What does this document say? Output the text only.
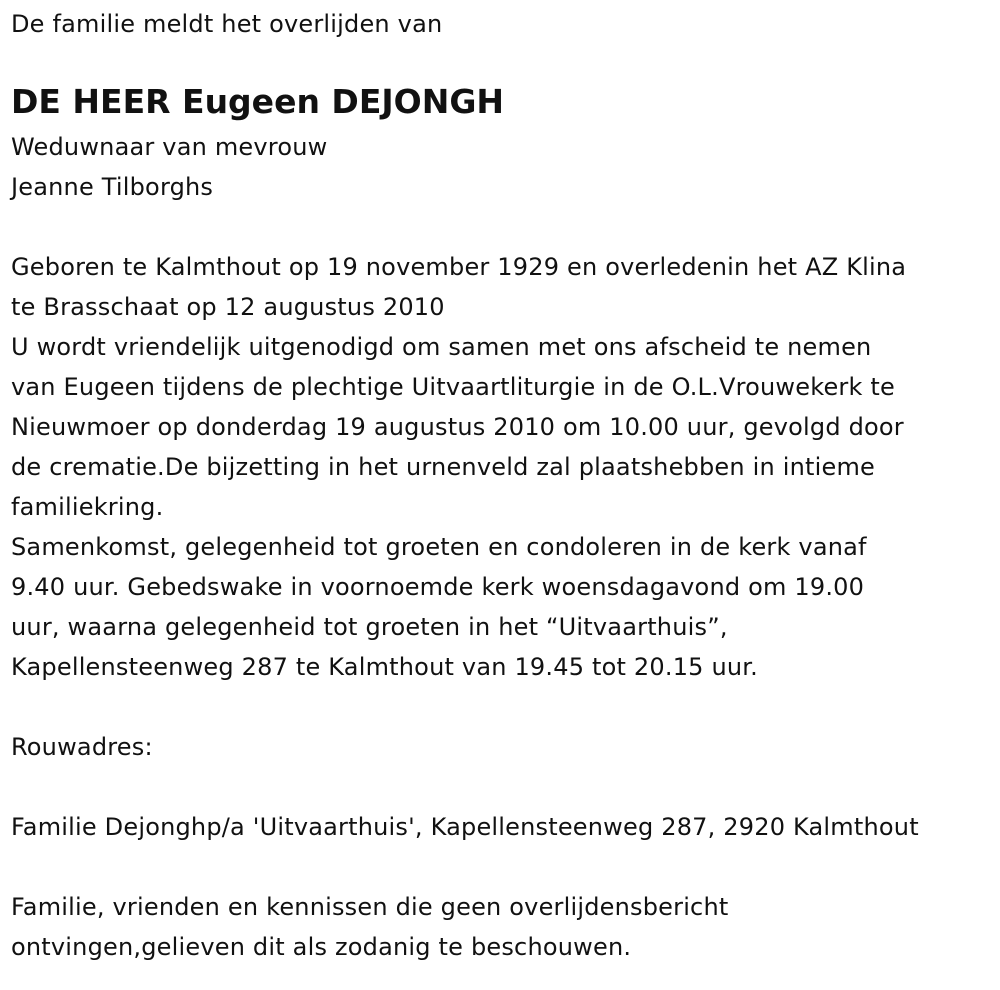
De familie meldt het overlijden van
DE HEER Eugeen DEJONGH
Weduwnaar van mevrouw
Jeanne Tilborghs
Geboren te Kalmthout op 19 november 1929 en overledenin het AZ Klina
te Brasschaat op 12 augustus 2010
U wordt vriendelijk uitgenodigd om samen met ons afscheid te nemen
van Eugeen tijdens de plechtige Uitvaartliturgie in de O.L.Vrouwekerk te
Nieuwmoer op donderdag 19 augustus 2010 om 10.00 uur, gevolgd door
de crematie.De bijzetting in het urnenveld zal plaatshebben in intieme
familiekring.
Samenkomst, gelegenheid tot groeten en condoleren in de kerk vanaf
9.40 uur. Gebedswake in voornoemde kerk woensdagavond om 19.00
uur, waarna gelegenheid tot groeten in het “Uitvaarthuis”,
Kapellensteenweg 287 te Kalmthout van 19.45 tot 20.15 uur.
Rouwadres:
Familie Dejonghp/a 'Uitvaarthuis', Kapellensteenweg 287, 2920 Kalmthout
Familie, vrienden en kennissen die geen overlijdensbericht
ontvingen,gelieven dit als zodanig te beschouwen.
